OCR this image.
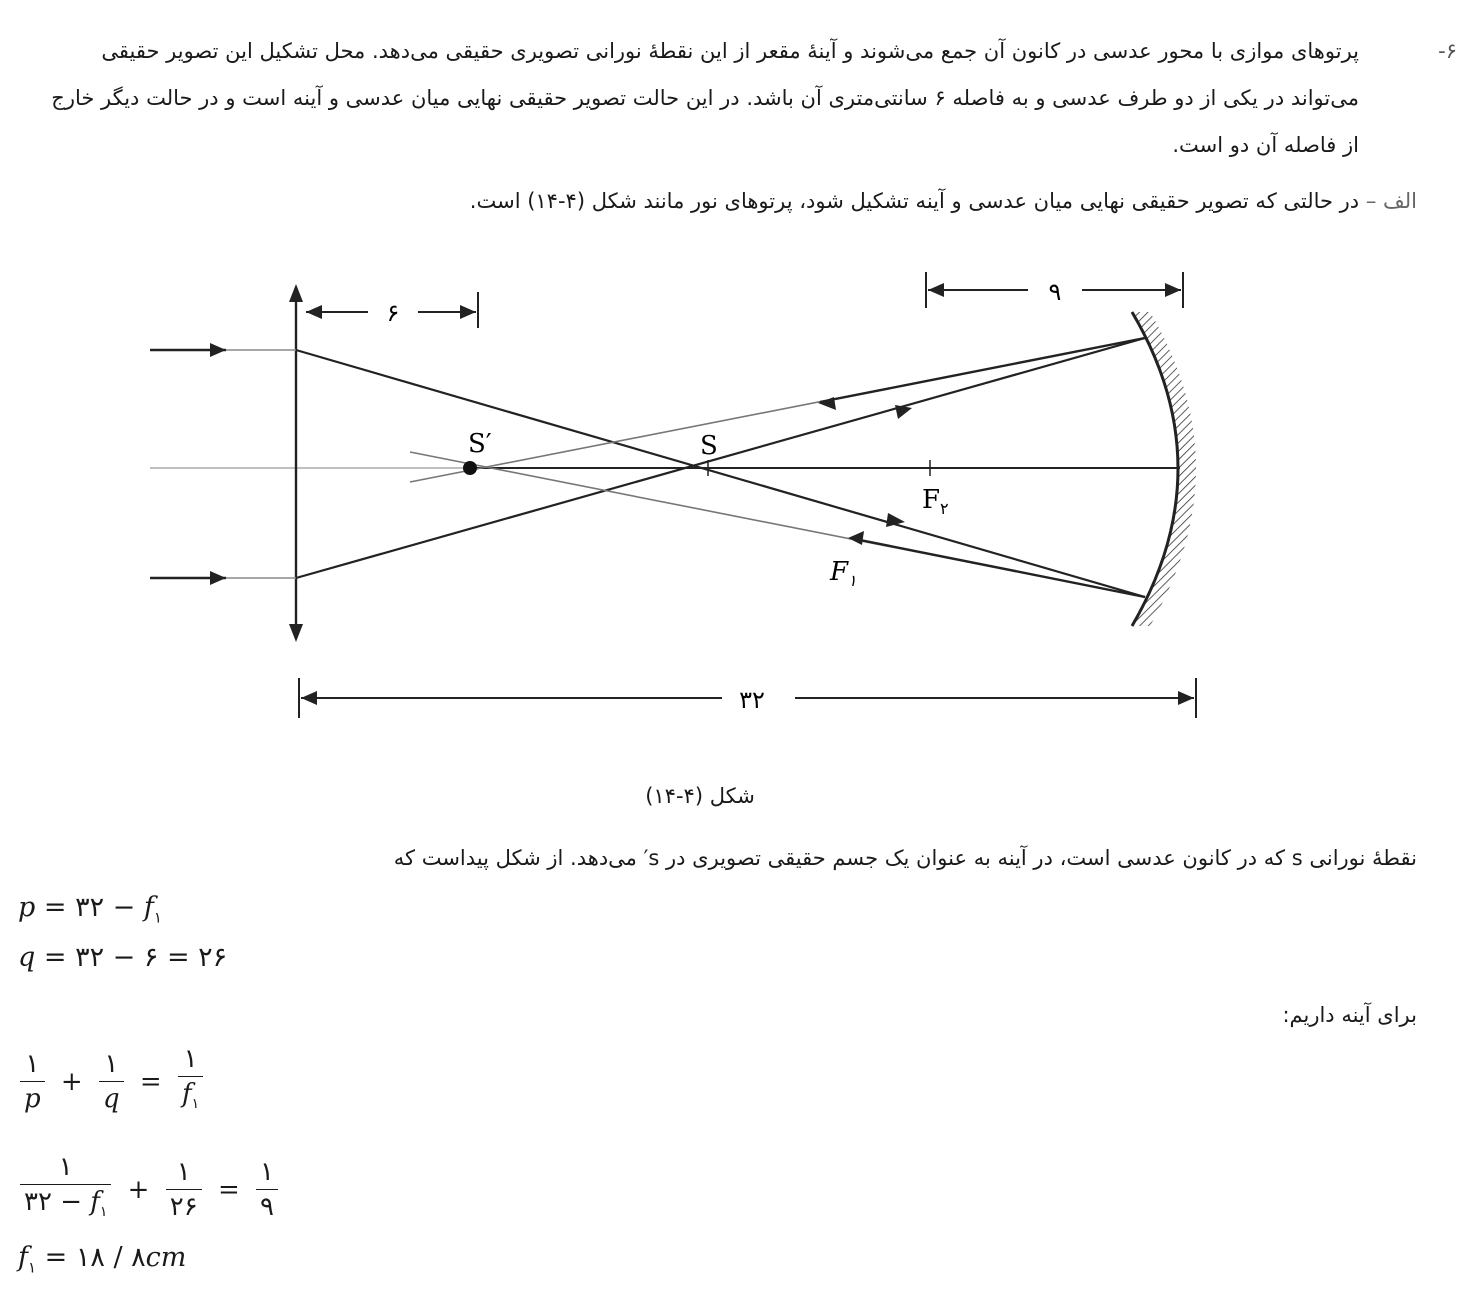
۶-
پرتوهای موازی با محور عدسی در کانون آن جمع می‌شوند و آینهٔ مقعر از این نقطهٔ نورانی تصویری حقیقی می‌دهد. محل تشکیل این تصویر حقیقی می‌تواند در یکی از دو طرف عدسی و به فاصله ۶ سانتی‌متری آن باشد. در این حالت تصویر حقیقی نهایی میان عدسی و آینه است و در حالت دیگر خارج از فاصله آن دو است.
الف – در حالتی که تصویر حقیقی نهایی میان عدسی و آینه تشکیل شود، پرتوهای نور مانند شکل (۴-۱۴) است.
S′	S
$F_۲$
$F_۱$
۶
۹
۳۲
شکل (۴-۱۴)
نقطهٔ نورانی s که در کانون عدسی است، در آینه به عنوان یک جسم حقیقی تصویری در s′ می‌دهد. از شکل پیداست که
p = ۳۲ − $f_۱$
q = ۳۲ − ۶ = ۲۶
برای آینه داریم:
$\frac{۱}{p} + \frac{۱}{q} = \frac{۱}{f_۱}$
$\frac{۱}{۳۲ - f_۱} + \frac{۱}{۲۶} = \frac{۱}{۹}$
$f_۱$ = ۱۸ / ۸cm
